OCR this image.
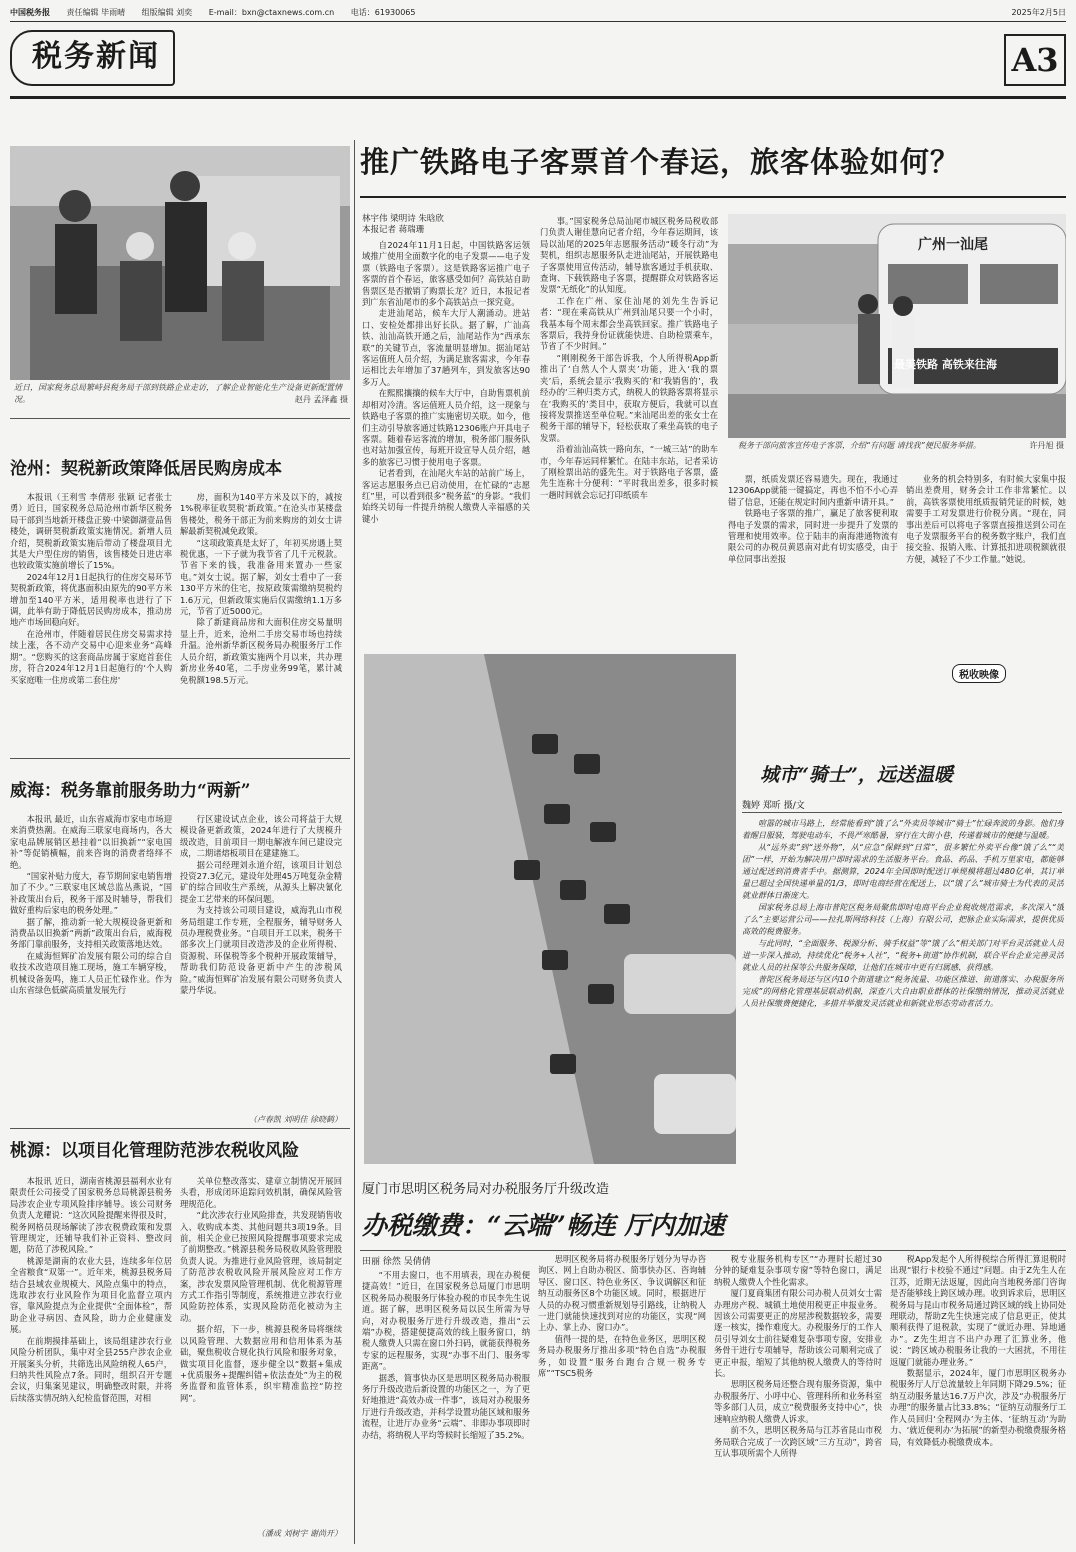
中国税务报 责任编辑 毕雨晴 组版编辑 刘奕 E-mail：bxn@ctaxnews.com.cn 电话：61930065	2025年2月5日
税务新闻	A3
近日，国家税务总局繁峙县税务局干部到铁路企业走访，了解企业智能化生产设备更新配置情况。	赵丹 孟泽鑫 摄
沧州：契税新政策降低居民购房成本

本报讯（王利雪 李倩形 张颖 记者张士勇）近日，国家税务总局沧州市新华区税务局干部到当地新开楼盘正骏·中梁御湖壹品售楼处，调研契税新政策实施情况。新增人员介绍，契税新政策实施后带动了楼盘项目尤其是大户型住房的销售，该售楼处日进店率也较政策实施前增长了15%。

2024年12月1日起执行的住房交易环节契税新政策，将优惠面积由原先的90平方米增加至140平方米，适用税率也进行了下调，此举有助于降低居民购房成本，推动房地产市场回稳向好。

在沧州市，伴随着居民住房交易需求持续上涨，各不动产交易中心迎来业务“高峰期”。“您购买的这套商品房属于家庭首套住房，符合2024年12月1日起施行的‘个人购买家庭唯一住房或第二套住房'

房，面积为140平方米及以下的，减按1%税率征收契税’新政策。”在沧头市某楼盘售楼处，税务干部正为前来购房的刘女士讲解最新契税减免政策。

“这项政策真是太好了，年初买房遇上契税优惠，一下子就为我节省了几千元税款。节省下来的钱，我准备用来置办一些家电。”刘女士说。据了解，刘女士看中了一套130平方米的住宅，按原政策需缴纳契税约1.6万元，但新政策实施后仅需缴纳1.1万多元，节省了近5000元。

除了新建商品房和大面积住房交易量明显上升，近来，沧州二手房交易市场也持续升温。沧州新华新区税务局办税服务厅工作人员介绍，新政策实施两个月以来，共办理新房业务40笔，二手房业务99笔，累计减免税额198.5万元。

威海：税务靠前服务助力“两新”

本报讯 最近，山东省威海市家电市场迎来消费热潮。在威海三联家电商场内，各大家电品牌展销区悬挂着“以旧换新”“家电国补”等促销横幅，前来咨询的消费者络绎不绝。

“国家补贴力度大，春节期间家电销售增加了不少。”三联家电区域总监丛燕说，“国补政策出台后，税务干部及时辅导，帮我们做好重构后家电的税务处理。”

据了解，推动新一轮大规模设备更新和消费品以旧换新“两新”政策出台后，威海税务部门靠前服务，支持相关政策落地达效。

在威海恒辉矿冶发展有限公司的综合自收技术改造项目施工现场，施工车辆穿梭，机械设备轰鸣，施工人员正忙碌作业。作为山东省绿色低碳高质量发展先行

行区建设试点企业，该公司将益于大规模设备更新政策，2024年进行了大规模升级改造，目前项目一期电解液车间已建设完成，二期诸熔板项目在建建施工。

据公司经理刘永道介绍，该项目计划总投资27.3亿元，建设年处理45万吨复杂金精矿的综合回收生产系统，从源头上解决氰化提金工艺带来的环保问题。

为支持该公司项目建设，威海乳山市税务局组建工作专班，全程服务，辅导财务人员办理税费业务。“自项目开工以来，税务干部多次上门就项目改造涉及的企业所得税、资源税、环保税等多个税种开展政策辅导，帮助我们防范设备更新中产生的涉税风险。”威海恒辉矿冶发展有限公司财务负责人蒙丹华说。

（卢春凯 刘明佳 徐晓鹤）
桃源：以项目化管理防范涉农税收风险

本报讯 近日，湖南省桃源县福利水业有限责任公司接受了国家税务总局桃源县税务局涉农企业专项风险排序辅导。该公司财务负责人龙耀说：“这次风险提醒来得很及时，税务网格员现场解读了涉农税费政策和发票管理规定，还辅导我们补正资料、整改问题，防范了涉税风险。”

桃源是湖南的农业大县，连续多年位居全省粮食“双第一”。近年来，桃源县税务局结合县域农业规模大、风险点集中的特点，选取涉农行业风险作为项目化监督立项内容，靠风险提点为企业提供“全面体检”，帮助企业寻病因、查风险，助力企业健康发展。

在前期摸排基础上，该局组建涉农行业风险分析团队，集中对全县255户涉农企业开展案头分析，共筛选出风险纳税人65户，归纳共性风险点7条。同时，组织召开专题会议，归集案见建议，明确整改时限，并将后续落实情况纳入纪检监督范围，对相

关单位整改落实、建章立制情况开展回头看，形成闭环追踪问效机制，确保风险管理规范化。

“此次涉农行业风险排查，共发现销售收入、收购成本类、其他问题共3项19条。目前，相关企业已按照风险提醒事项要求完成了前期整改。”桃源县税务局税收风险管理股负责人说。为推进行业风险管理，该局制定了防范涉农税收风险开展风险应对工作方案，涉农发票风险管理机制、优化税源管理方式工作指引等制度，系统推进立涉农行业风险防控体系，实现风险防范化被动为主动。

据介绍，下一步，桃源县税务局将继续以风险管理、大数据应用和信用体系为基础，聚焦税收合规化执行风险和服务对象，做实项目化监督，逐步健全以“数据+集成+优质服务+提醒纠错+依法查处”为主的税务监督和监管体系，织牢精准监控“防控网”。

（潘成 刘树宇 谢尚开）
推广铁路电子客票首个春运，旅客体验如何？
林宇伟 梁明诗 朱晗欣
本报记者 蒋瑞珊

自2024年11月1日起，中国铁路客运领域推广使用全面数字化的电子发票——电子发票（铁路电子客票）。这是铁路客运推广电子客票的首个春运，旅客感受如何？高铁站自助售票区是否撤销了购票长龙？近日，本报记者到广东省汕尾市的多个高铁站点一探究竟。

走进汕尾站，候车大厅人潮涌动。进站口、安检处都排出好长队。据了解，广汕高铁、汕汕高铁开通之后，汕尾站作为“西承东联”的关键节点，客流量明显增加。据汕尾站客运值班人员介绍，为满足旅客需求，今年春运相比去年增加了37趟列车，到发旅客达90多万人。

在熙熙攘攘的候车大厅中，自助售票机前却相对冷清。客运值班人员介绍，这一现象与铁路电子客票的推广实施密切关联。如今，他们主动引导旅客通过铁路12306账户开具电子客票。随着春运客流的增加，税务部门服务队也对站加强宣传，每班开设宣导人员介绍，越多的旅客已习惯于使用电子客票。

记者看到，在汕尾火车站的站前广场上，客运志愿服务点已启动使用，在忙碌的“志愿红”里，可以看到很多“税务蓝”的身影。“我们始终关切每一件提升纳税人缴费人幸福感的关键小

事。”国家税务总局汕尾市城区税务局税收部门负责人谢佳慧向记者介绍，今年春运期间，该局以汕尾的2025年志愿服务活动“暖冬行动”为契机，组织志愿服务队走进汕尾站，开展铁路电子客票使用宣传活动，辅导旅客通过手机获取、查询、下载铁路电子客票，提醒群众对铁路客运发票“无纸化”的认知度。

工作在广州、家住汕尾的刘先生告诉记者：“现在乘高铁从广州到汕尾只要一个小时，我基本每个周末都会坐高铁回家。推广铁路电子客票后，我持身份证就能快进、自助检票乘车，节省了不少时间。”

“刚刚税务干部告诉我，个人所得税App新推出了‘自然人个人票夹’功能，进入‘我的票夹’后，系统会显示‘我购买的’和‘我销售的’，我经办的‘三种归类方式，纳税人的铁路客票将显示在‘我购买的’类目中，获取方便后，我就可以直接将发票推送至单位呢。”来汕尾出差的张女士在税务干部的辅导下，轻松获取了乘坐高铁的电子发票。

沿着汕汕高铁一路向东，“一城三站”的助车市，今年春运同样繁忙。在陆丰东站，记者采访了刚检票出站的盛先生。对于铁路电子客票，盛先生连称十分便利：“平时我出差多，很多时候一趟时间就会忘记打印纸质车

广州一汕尾
最美铁路 高铁来往海
税务干部向旅客宣传电子客票，介绍“有问题 请找我”便民服务举措。	许丹旭 摄

票，纸质发票还容易遗失。现在，我通过12306App就能一键搞定，再也不怕不小心弄错了信息，还能在规定时间内重新申请开具。”

铁路电子客票的推广，赢足了旅客便利取得电子发票的需求，同时进一步提升了发票的管理和使用效率。位于陆丰的南海港通物流有限公司的办税员黄恩南对此有切实感受，由于单位同事出差报

业务的机会特别多，有时候大家集中报销出差费用，财务会计工作非常繁忙。以前，高铁客票使用纸质报销凭证的时候，她需要手工对发票进行价税分离。“现在，同事出差后可以将电子客票直接推送到公司在电子发票服务平台的税务数字账户，我们直接交验、报销入账、计算抵扣进项税额就很方便，减轻了不少工作量。”她说。

税收映像
城市“骑士”，远送温暖
魏婷 郑昕 摄/文

喧嚣的城市马路上，经常能看到“饿了么”外卖员等城市“骑士”忙碌奔波的身影。他们身着醒目服装，驾驶电动车，不畏严寒酷暑，穿行在大街小巷，传递着城市的便捷与温暖。

从“远外卖”到“送外物”，从“应急”保鲜到“日常”，很多繁忙外卖平台像“饿了么”“美团”一样，开始为解决用户即时需求的生活服务平台。食品、药品、手机万里家电，都能够通过配送到消费者手中。据测算，2024年全国即时配送订单规模将超过480亿单，其订单量已超过全国快递单量的1/3，即时电商经营在配送上，以“饿了么”城市骑士为代表的灵活就业群体日渐庞大。

国家税务总局上海市普陀区税务局聚焦即时电商平台企业税收规范需求，多次深入“饿了么”主要运营公司——拉扎斯网络科技（上海）有限公司，把脉企业实际需求，提供优质高效的税费服务。

与此同时，“全面服务、税源分析、骑手权益”等“饿了么”相关部门对平台灵活就业人员进一步深入推动，持续优化“税务+人社”，“税务+街道”协作机制，联合平台企业完善灵活就业人员的社保等公共服务保障，让他们在城市中更有归属感、获得感。

普陀区税务局还与区内10个街道建立“税务流量、功能区推进、街道落实、办税服务所完成”的网格化管理基层联动机制，深查八大自由职业群体的社保缴纳情况，推动灵活就业人员社保缴费便捷化，多措并举激发灵活就业和新就业形态劳动者活力。

厦门市思明区税务局对办税服务厅升级改造
办税缴费：“云端”畅连 厅内加速
田丽 徐然 吴倩倩

“不用去窗口，也不用填表，现在办税便捷高效！”近日，在国家税务总局厦门市思明区税务局办税服务厅体验办税的市民李先生说道。据了解，思明区税务局以民生所需为导向，对办税服务厅进行升级改造，推出“云端”办税，搭建便捷高效的线上服务窗口，纳税人缴费人只需在窗口外扫码，就能获得税务专家的远程服务，实现“办事不出门、服务零距离”。

据悉，简事快办区是思明区税务局办税服务厅升级改造后新设置的功能区之一，为了更好地推进“高效办成一件事”，该局对办税服务厅进行升级改造，并科学设置功能区域和服务流程，让进厅办业务“云端”、非即办事项即时办结，将纳税人平均等候时长缩短了35.2%。

思明区税务局将办税服务厅划分为导办咨询区、网上自助办税区、简事快办区、咨询辅导区、窗口区、特色业务区、争议调解区和征纳互动服务区8个功能区域。同时，根据进厅人员的办税习惯重新规划导引路线，让纳税人一进门就能快速找到对应的功能区，实现“网上办、掌上办、窗口办”。

值得一提的是，在特色业务区，思明区税务局办税服务厅推出多项“特色自选”办税服务，如设置“服务台跑台合规一税务专席”“TSC5税务

税专业服务机构专区”“办理时长超过30分钟的疑难复杂事项专窗”等特色窗口，满足纳税人缴费人个性化需求。

厦门夏商集团有限公司办税人员刘女士需办理房产税、城镇土地使用税更正申报业务。因该公司需要更正的房屋涉税数据较多，需要逐一核实，操作难度大。办税服务厅的工作人员引导刘女士前往疑难复杂事项专窗，安排业务骨干进行专项辅导，帮助该公司顺利完成了更正申报，缩短了其他纳税人缴费人的等待时长。

思明区税务局还整合现有服务资源，集中办税服务厅、小呼中心、管理科所和业务科室等多部门人员，成立“税费服务支持中心”，快速响应纳税人缴费人诉求。

前不久，思明区税务局与江苏省昆山市税务局联合完成了一次跨区域“三方互动”，跨省互认事项所需个人所得

税App发起个人所得税综合所得汇算退税时出现“银行卡校验不通过”问题。由于Z先生人在江苏，近期无法返厦，因此向当地税务部门咨询是否能够线上跨区域办理。收到诉求后，思明区税务局与昆山市税务局通过跨区域的线上协同处理联动，帮助Z先生快速完成了信息更正，使其顺利获得了退税款，实现了“就近办理、异地通办”。Z先生坦言不出户办理了汇算业务，他说：“跨区域办税服务让我的一大困扰，不用往返厦门就能办理业务。”

数据显示，2024年，厦门市思明区税务办税服务厅人厅总流量较上年同期下降29.5%；征纳互动服务量达16.7万户次，涉及“办税服务厅办理”的服务量占比33.8%；“征纳互动服务厅工作人员回归‘全程网办’为主体、‘征纳互动’为助力、‘就近便利办’为拓展”的新型办税缴费服务格局，有效降低办税缴费成本。
